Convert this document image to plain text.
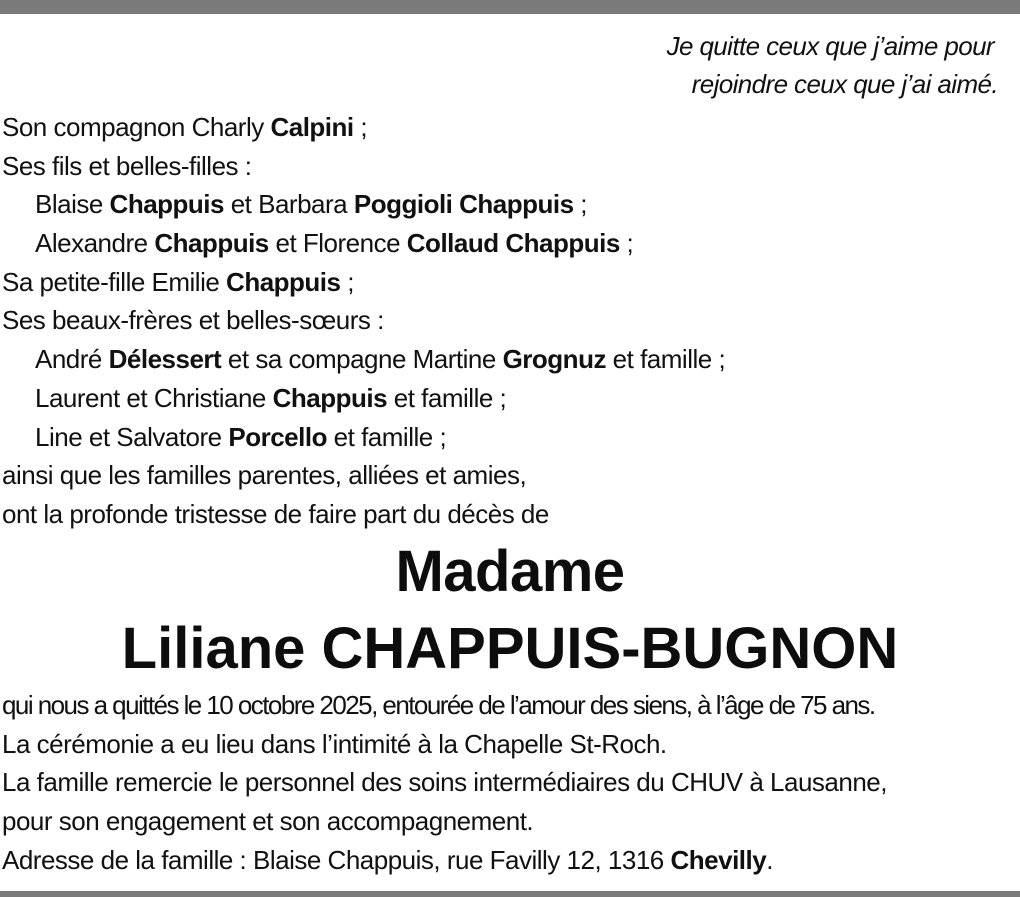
Je quitte ceux que j’aime pour
rejoindre ceux que j’ai aimé.
Son compagnon Charly Calpini ;
Ses fils et belles-filles :
Blaise Chappuis et Barbara Poggioli Chappuis ;
Alexandre Chappuis et Florence Collaud Chappuis ;
Sa petite-fille Emilie Chappuis ;
Ses beaux-frères et belles-sœurs :
André Délessert et sa compagne Martine Grognuz et famille ;
Laurent et Christiane Chappuis et famille ;
Line et Salvatore Porcello et famille ;
ainsi que les familles parentes, alliées et amies,
ont la profonde tristesse de faire part du décès de
Madame
Liliane CHAPPUIS-BUGNON
qui nous a quittés le 10 octobre 2025, entourée de l’amour des siens, à l’âge de 75 ans.
La cérémonie a eu lieu dans l’intimité à la Chapelle St-Roch.
La famille remercie le personnel des soins intermédiaires du CHUV à Lausanne,
pour son engagement et son accompagnement.
Adresse de la famille : Blaise Chappuis, rue Favilly 12, 1316 Chevilly.
